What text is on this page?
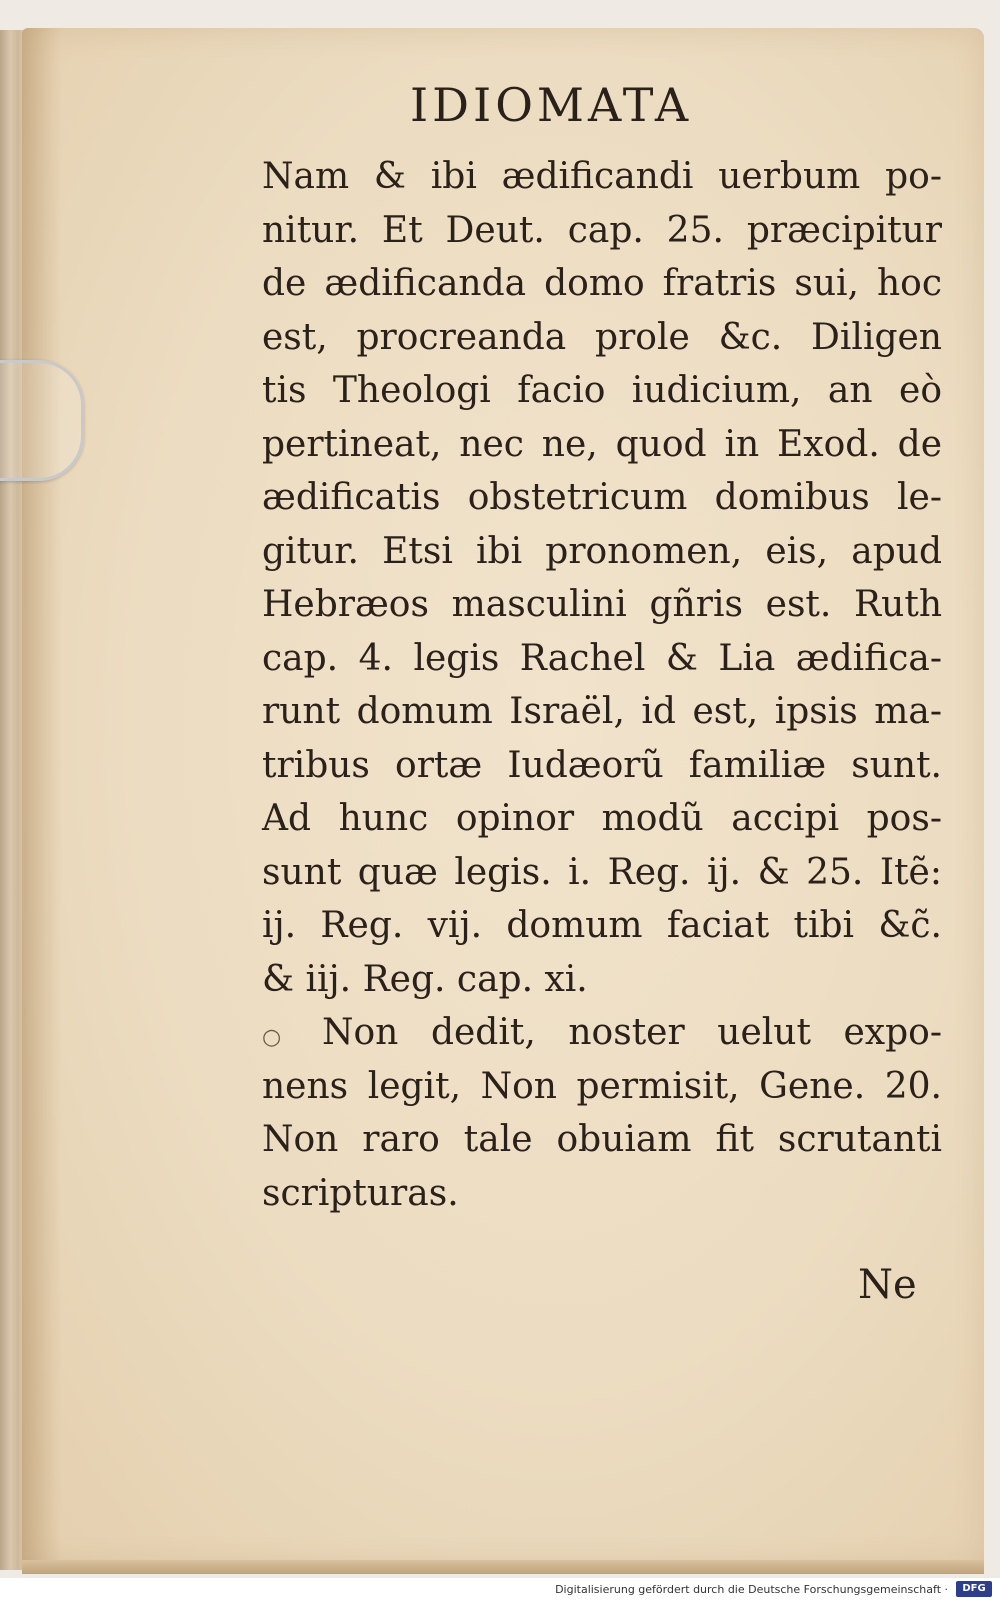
IDIOMATA
Nam & ibi ædificandi uerbum po-
nitur. Et Deut. cap. 25. præcipitur
de ædificanda domo fratris sui, hoc
est, procreanda prole &c. Diligen
tis Theologi facio iudicium, an eò
pertineat, nec ne, quod in Exod. de
ædificatis obstetricum domibus le-
gitur. Etsi ibi pronomen, eis, apud
Hebræos masculini gñris est. Ruth
cap. 4. legis Rachel & Lia ædifica-
runt domum Israël, id est, ipsis ma-
tribus ortæ Iudæorũ familiæ sunt.
Ad hunc opinor modũ accipi pos-
sunt quæ legis. i. Reg. ij. & 25. Itẽ:
ij. Reg. vij. domum faciat tibi &c̃.
& iij. Reg. cap. xi.
○ Non dedit, noster uelut expo-
nens legit, Non permisit, Gene. 20.
Non raro tale obuiam fit scrutanti
scripturas.
Ne
Digitalisierung gefördert durch die Deutsche Forschungsgemeinschaft ·	DFG
